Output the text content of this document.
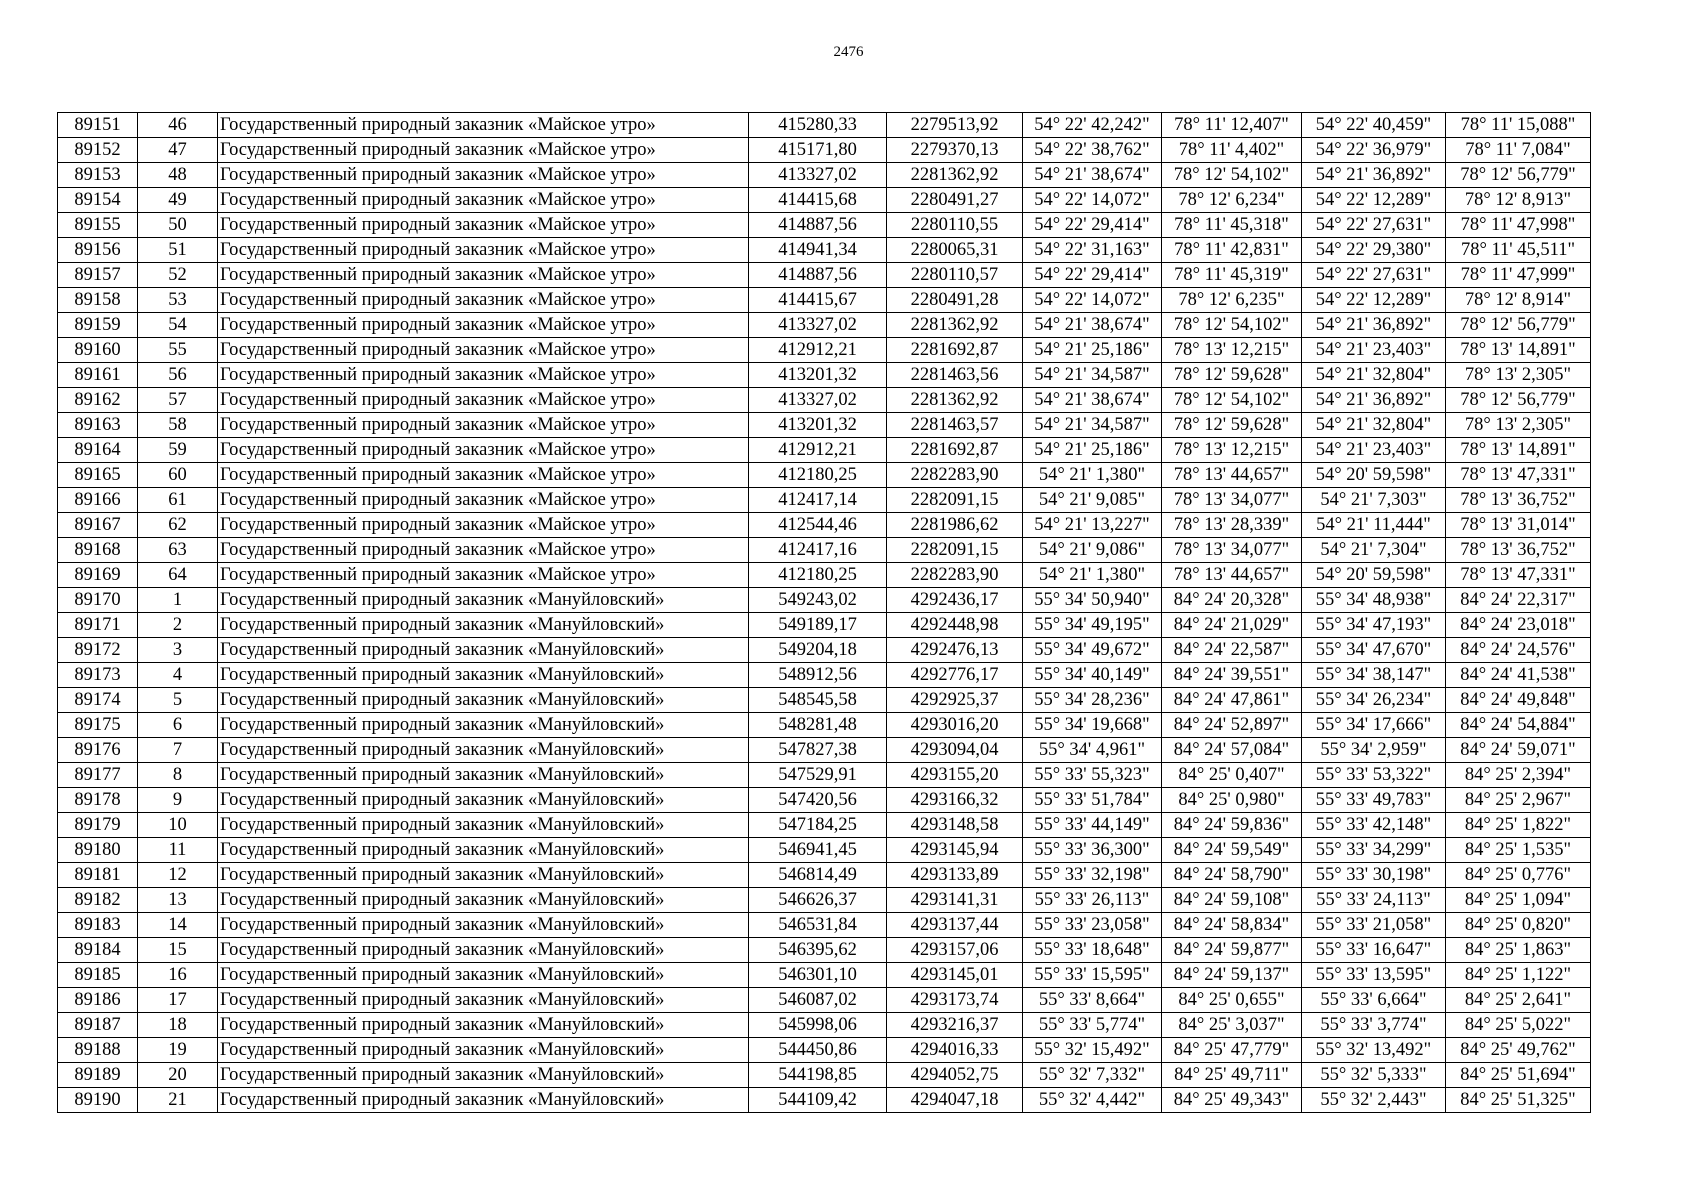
2476
89151	46	Государственный природный заказник «Майское утро»	415280,33	2279513,92	54° 22' 42,242"	78° 11' 12,407"	54° 22' 40,459"	78° 11' 15,088"
89152	47	Государственный природный заказник «Майское утро»	415171,80	2279370,13	54° 22' 38,762"	78° 11' 4,402"	54° 22' 36,979"	78° 11' 7,084"
89153	48	Государственный природный заказник «Майское утро»	413327,02	2281362,92	54° 21' 38,674"	78° 12' 54,102"	54° 21' 36,892"	78° 12' 56,779"
89154	49	Государственный природный заказник «Майское утро»	414415,68	2280491,27	54° 22' 14,072"	78° 12' 6,234"	54° 22' 12,289"	78° 12' 8,913"
89155	50	Государственный природный заказник «Майское утро»	414887,56	2280110,55	54° 22' 29,414"	78° 11' 45,318"	54° 22' 27,631"	78° 11' 47,998"
89156	51	Государственный природный заказник «Майское утро»	414941,34	2280065,31	54° 22' 31,163"	78° 11' 42,831"	54° 22' 29,380"	78° 11' 45,511"
89157	52	Государственный природный заказник «Майское утро»	414887,56	2280110,57	54° 22' 29,414"	78° 11' 45,319"	54° 22' 27,631"	78° 11' 47,999"
89158	53	Государственный природный заказник «Майское утро»	414415,67	2280491,28	54° 22' 14,072"	78° 12' 6,235"	54° 22' 12,289"	78° 12' 8,914"
89159	54	Государственный природный заказник «Майское утро»	413327,02	2281362,92	54° 21' 38,674"	78° 12' 54,102"	54° 21' 36,892"	78° 12' 56,779"
89160	55	Государственный природный заказник «Майское утро»	412912,21	2281692,87	54° 21' 25,186"	78° 13' 12,215"	54° 21' 23,403"	78° 13' 14,891"
89161	56	Государственный природный заказник «Майское утро»	413201,32	2281463,56	54° 21' 34,587"	78° 12' 59,628"	54° 21' 32,804"	78° 13' 2,305"
89162	57	Государственный природный заказник «Майское утро»	413327,02	2281362,92	54° 21' 38,674"	78° 12' 54,102"	54° 21' 36,892"	78° 12' 56,779"
89163	58	Государственный природный заказник «Майское утро»	413201,32	2281463,57	54° 21' 34,587"	78° 12' 59,628"	54° 21' 32,804"	78° 13' 2,305"
89164	59	Государственный природный заказник «Майское утро»	412912,21	2281692,87	54° 21' 25,186"	78° 13' 12,215"	54° 21' 23,403"	78° 13' 14,891"
89165	60	Государственный природный заказник «Майское утро»	412180,25	2282283,90	54° 21' 1,380"	78° 13' 44,657"	54° 20' 59,598"	78° 13' 47,331"
89166	61	Государственный природный заказник «Майское утро»	412417,14	2282091,15	54° 21' 9,085"	78° 13' 34,077"	54° 21' 7,303"	78° 13' 36,752"
89167	62	Государственный природный заказник «Майское утро»	412544,46	2281986,62	54° 21' 13,227"	78° 13' 28,339"	54° 21' 11,444"	78° 13' 31,014"
89168	63	Государственный природный заказник «Майское утро»	412417,16	2282091,15	54° 21' 9,086"	78° 13' 34,077"	54° 21' 7,304"	78° 13' 36,752"
89169	64	Государственный природный заказник «Майское утро»	412180,25	2282283,90	54° 21' 1,380"	78° 13' 44,657"	54° 20' 59,598"	78° 13' 47,331"
89170	1	Государственный природный заказник «Мануйловский»	549243,02	4292436,17	55° 34' 50,940"	84° 24' 20,328"	55° 34' 48,938"	84° 24' 22,317"
89171	2	Государственный природный заказник «Мануйловский»	549189,17	4292448,98	55° 34' 49,195"	84° 24' 21,029"	55° 34' 47,193"	84° 24' 23,018"
89172	3	Государственный природный заказник «Мануйловский»	549204,18	4292476,13	55° 34' 49,672"	84° 24' 22,587"	55° 34' 47,670"	84° 24' 24,576"
89173	4	Государственный природный заказник «Мануйловский»	548912,56	4292776,17	55° 34' 40,149"	84° 24' 39,551"	55° 34' 38,147"	84° 24' 41,538"
89174	5	Государственный природный заказник «Мануйловский»	548545,58	4292925,37	55° 34' 28,236"	84° 24' 47,861"	55° 34' 26,234"	84° 24' 49,848"
89175	6	Государственный природный заказник «Мануйловский»	548281,48	4293016,20	55° 34' 19,668"	84° 24' 52,897"	55° 34' 17,666"	84° 24' 54,884"
89176	7	Государственный природный заказник «Мануйловский»	547827,38	4293094,04	55° 34' 4,961"	84° 24' 57,084"	55° 34' 2,959"	84° 24' 59,071"
89177	8	Государственный природный заказник «Мануйловский»	547529,91	4293155,20	55° 33' 55,323"	84° 25' 0,407"	55° 33' 53,322"	84° 25' 2,394"
89178	9	Государственный природный заказник «Мануйловский»	547420,56	4293166,32	55° 33' 51,784"	84° 25' 0,980"	55° 33' 49,783"	84° 25' 2,967"
89179	10	Государственный природный заказник «Мануйловский»	547184,25	4293148,58	55° 33' 44,149"	84° 24' 59,836"	55° 33' 42,148"	84° 25' 1,822"
89180	11	Государственный природный заказник «Мануйловский»	546941,45	4293145,94	55° 33' 36,300"	84° 24' 59,549"	55° 33' 34,299"	84° 25' 1,535"
89181	12	Государственный природный заказник «Мануйловский»	546814,49	4293133,89	55° 33' 32,198"	84° 24' 58,790"	55° 33' 30,198"	84° 25' 0,776"
89182	13	Государственный природный заказник «Мануйловский»	546626,37	4293141,31	55° 33' 26,113"	84° 24' 59,108"	55° 33' 24,113"	84° 25' 1,094"
89183	14	Государственный природный заказник «Мануйловский»	546531,84	4293137,44	55° 33' 23,058"	84° 24' 58,834"	55° 33' 21,058"	84° 25' 0,820"
89184	15	Государственный природный заказник «Мануйловский»	546395,62	4293157,06	55° 33' 18,648"	84° 24' 59,877"	55° 33' 16,647"	84° 25' 1,863"
89185	16	Государственный природный заказник «Мануйловский»	546301,10	4293145,01	55° 33' 15,595"	84° 24' 59,137"	55° 33' 13,595"	84° 25' 1,122"
89186	17	Государственный природный заказник «Мануйловский»	546087,02	4293173,74	55° 33' 8,664"	84° 25' 0,655"	55° 33' 6,664"	84° 25' 2,641"
89187	18	Государственный природный заказник «Мануйловский»	545998,06	4293216,37	55° 33' 5,774"	84° 25' 3,037"	55° 33' 3,774"	84° 25' 5,022"
89188	19	Государственный природный заказник «Мануйловский»	544450,86	4294016,33	55° 32' 15,492"	84° 25' 47,779"	55° 32' 13,492"	84° 25' 49,762"
89189	20	Государственный природный заказник «Мануйловский»	544198,85	4294052,75	55° 32' 7,332"	84° 25' 49,711"	55° 32' 5,333"	84° 25' 51,694"
89190	21	Государственный природный заказник «Мануйловский»	544109,42	4294047,18	55° 32' 4,442"	84° 25' 49,343"	55° 32' 2,443"	84° 25' 51,325"
